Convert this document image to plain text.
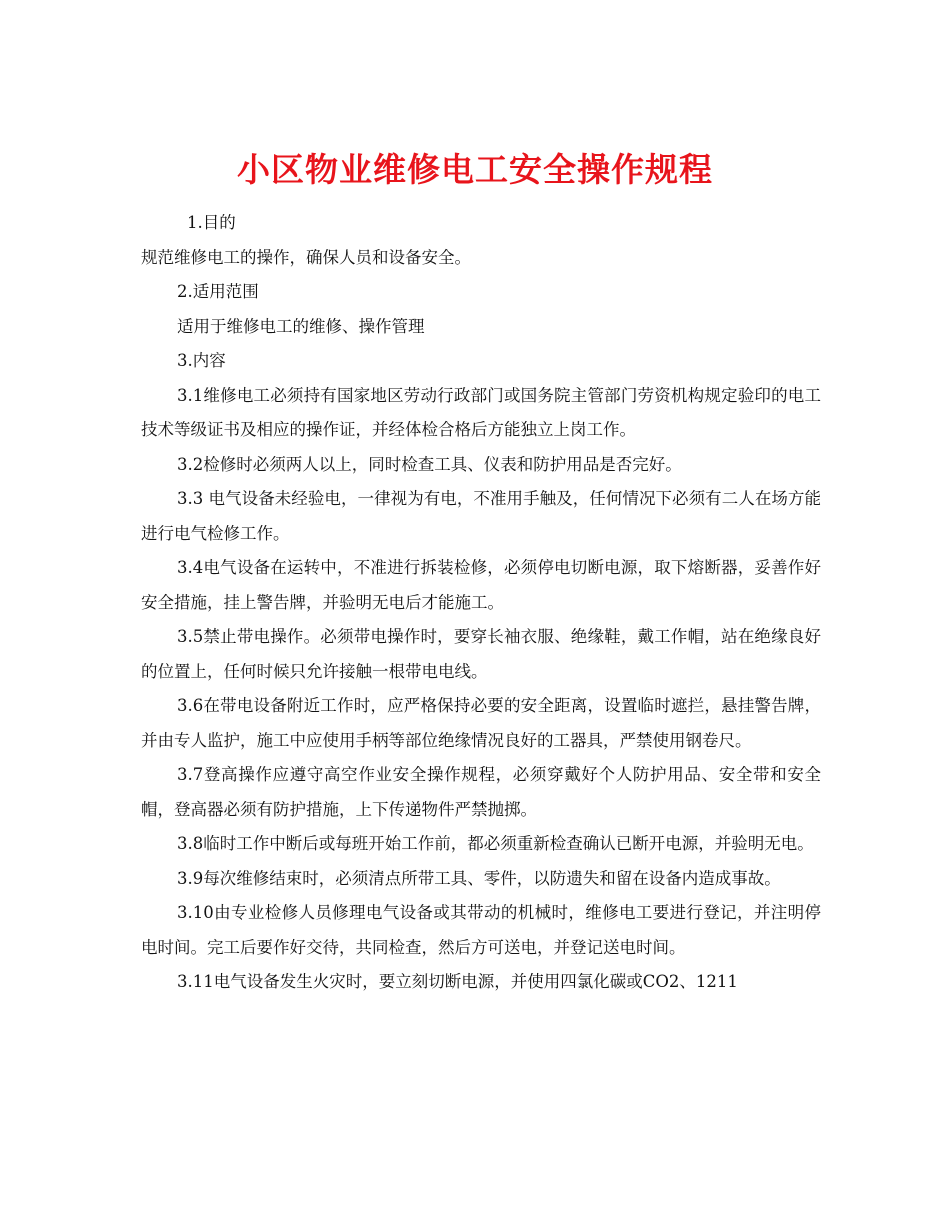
小区物业维修电工安全操作规程

1.目的

规范维修电工的操作，确保人员和设备安全。

2.适用范围

适用于维修电工的维修、操作管理

3.内容

3.1维修电工必须持有国家地区劳动行政部门或国务院主管部门劳资机构规定验印的电工技术等级证书及相应的操作证，并经体检合格后方能独立上岗工作。

3.2检修时必须两人以上，同时检查工具、仪表和防护用品是否完好。

3.3 电气设备未经验电，一律视为有电，不准用手触及，任何情况下必须有二人在场方能进行电气检修工作。

3.4电气设备在运转中，不准进行拆装检修，必须停电切断电源，取下熔断器，妥善作好安全措施，挂上警告牌，并验明无电后才能施工。

3.5禁止带电操作。必须带电操作时，要穿长袖衣服、绝缘鞋，戴工作帽，站在绝缘良好的位置上，任何时候只允许接触一根带电电线。

3.6在带电设备附近工作时，应严格保持必要的安全距离，设置临时遮拦，悬挂警告牌，并由专人监护，施工中应使用手柄等部位绝缘情况良好的工器具，严禁使用钢卷尺。

3.7登高操作应遵守高空作业安全操作规程，必须穿戴好个人防护用品、安全带和安全帽，登高器必须有防护措施，上下传递物件严禁抛掷。

3.8临时工作中断后或每班开始工作前，都必须重新检查确认已断开电源，并验明无电。

3.9每次维修结束时，必须清点所带工具、零件，以防遗失和留在设备内造成事故。

3.10由专业检修人员修理电气设备或其带动的机械时，维修电工要进行登记，并注明停电时间。完工后要作好交待，共同检查，然后方可送电，并登记送电时间。

3.11电气设备发生火灾时，要立刻切断电源，并使用四氯化碳或CO2、1211
